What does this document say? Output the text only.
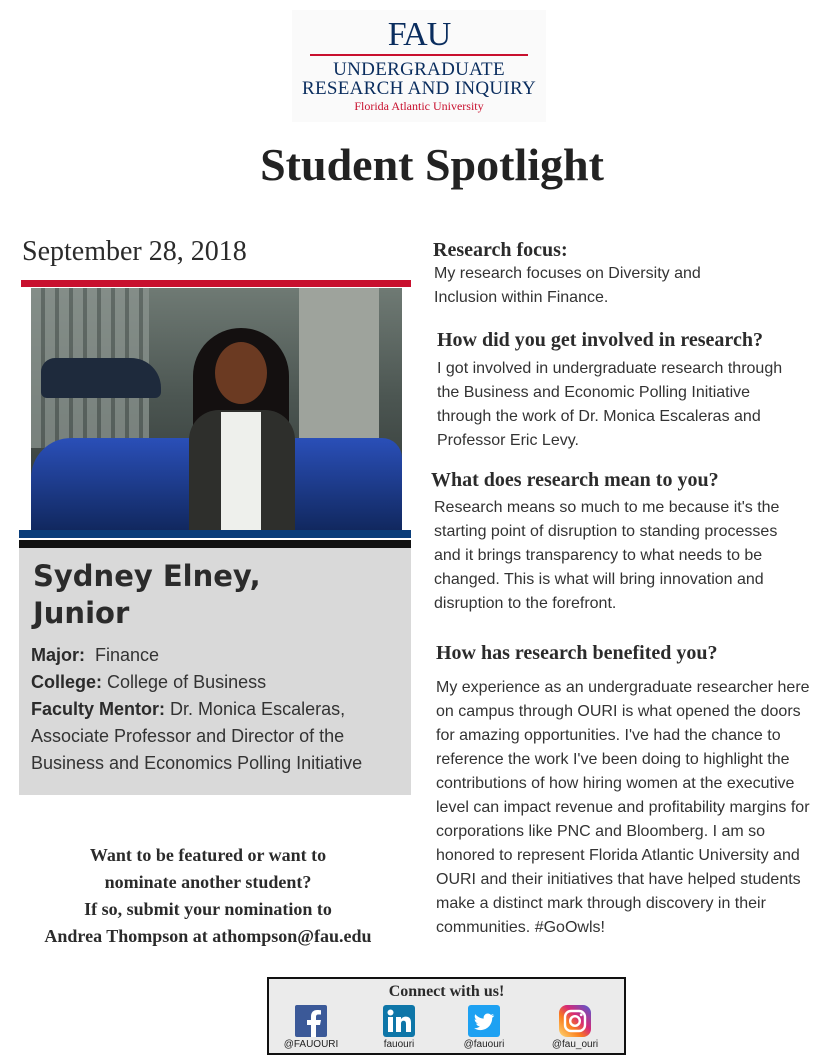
FAU
UNDERGRADUATE
RESEARCH AND INQUIRY
Florida Atlantic University
Student Spotlight
September 28, 2018
Sydney Elney,
Junior
Major: Finance
College: College of Business
Faculty Mentor: Dr. Monica Escaleras, Associate Professor and Director of the Business and Economics Polling Initiative
Want to be featured or want to
nominate another student?
If so, submit your nomination to
Andrea Thompson at athompson@fau.edu
Research focus:
My research focuses on Diversity and Inclusion within Finance.
How did you get involved in research?
I got involved in undergraduate research through the Business and Economic Polling Initiative through the work of Dr. Monica Escaleras and Professor Eric Levy.
What does research mean to you?
Research means so much to me because it's the starting point of disruption to standing processes and it brings transparency to what needs to be changed. This is what will bring innovation and disruption to the forefront.
How has research benefited you?
My experience as an undergraduate researcher here on campus through OURI is what opened the doors for amazing opportunities. I've had the chance to reference the work I've been doing to highlight the contributions of how hiring women at the executive level can impact revenue and profitability margins for corporations like PNC and Bloomberg. I am so honored to represent Florida Atlantic University and OURI and their initiatives that have helped students make a distinct mark through discovery in their communities. #GoOwls!
Connect with us!
@FAUOURI	fauouri	@fauouri	@fau_ouri
